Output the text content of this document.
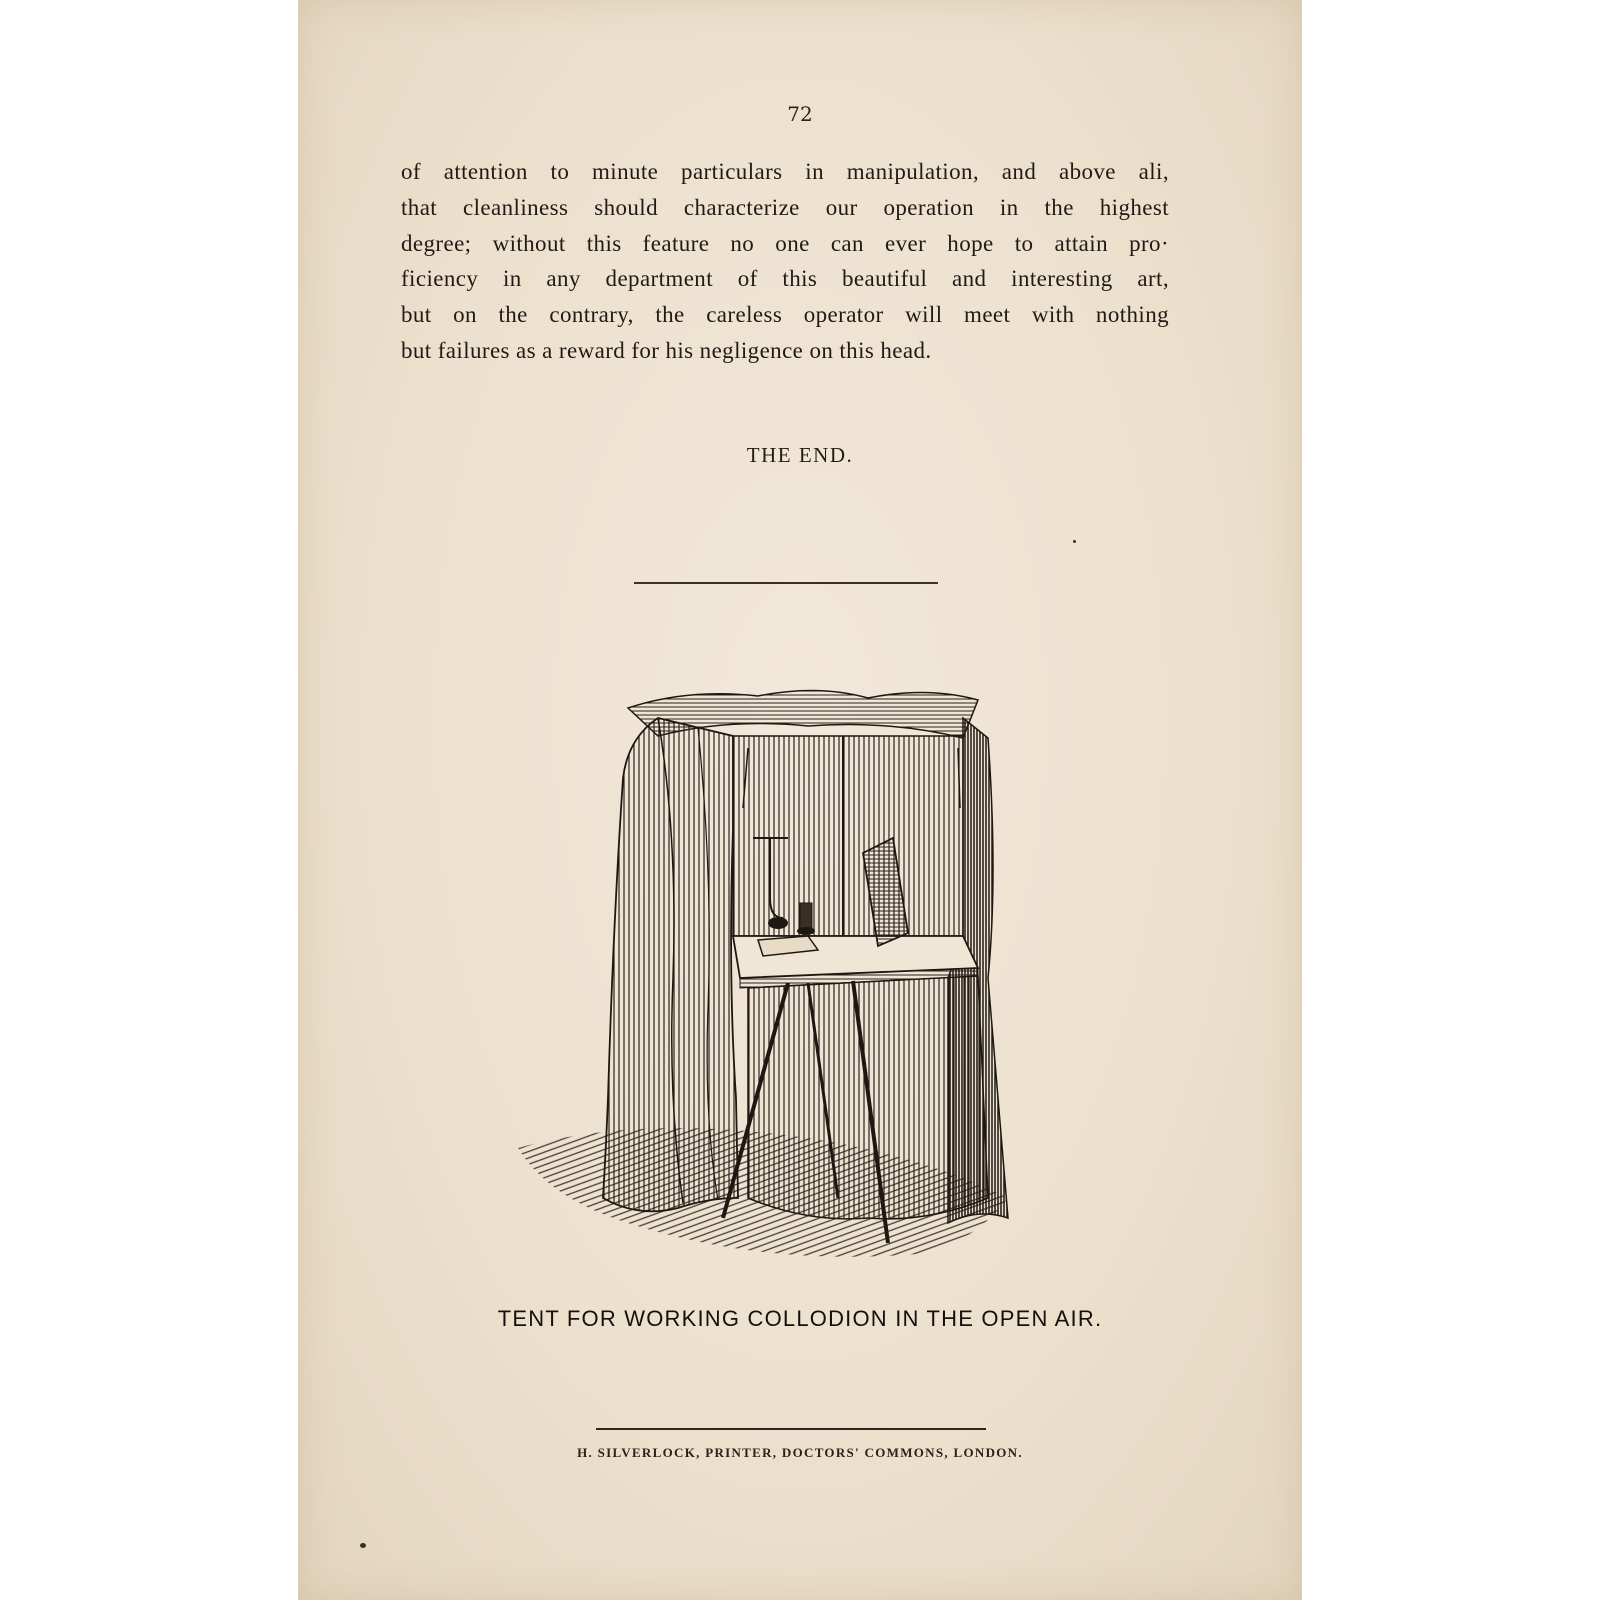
72
of attention to minute particulars in manipulation, and above ali,
that cleanliness should characterize our operation in the highest
degree; without this feature no one can ever hope to attain pro·
ficiency in any department of this beautiful and interesting art,
but on the contrary, the careless operator will meet with nothing
but failures as a reward for his negligence on this head.
THE END.
TENT FOR WORKING COLLODION IN THE OPEN AIR.
H. SILVERLOCK, PRINTER, DOCTORS' COMMONS, LONDON.
